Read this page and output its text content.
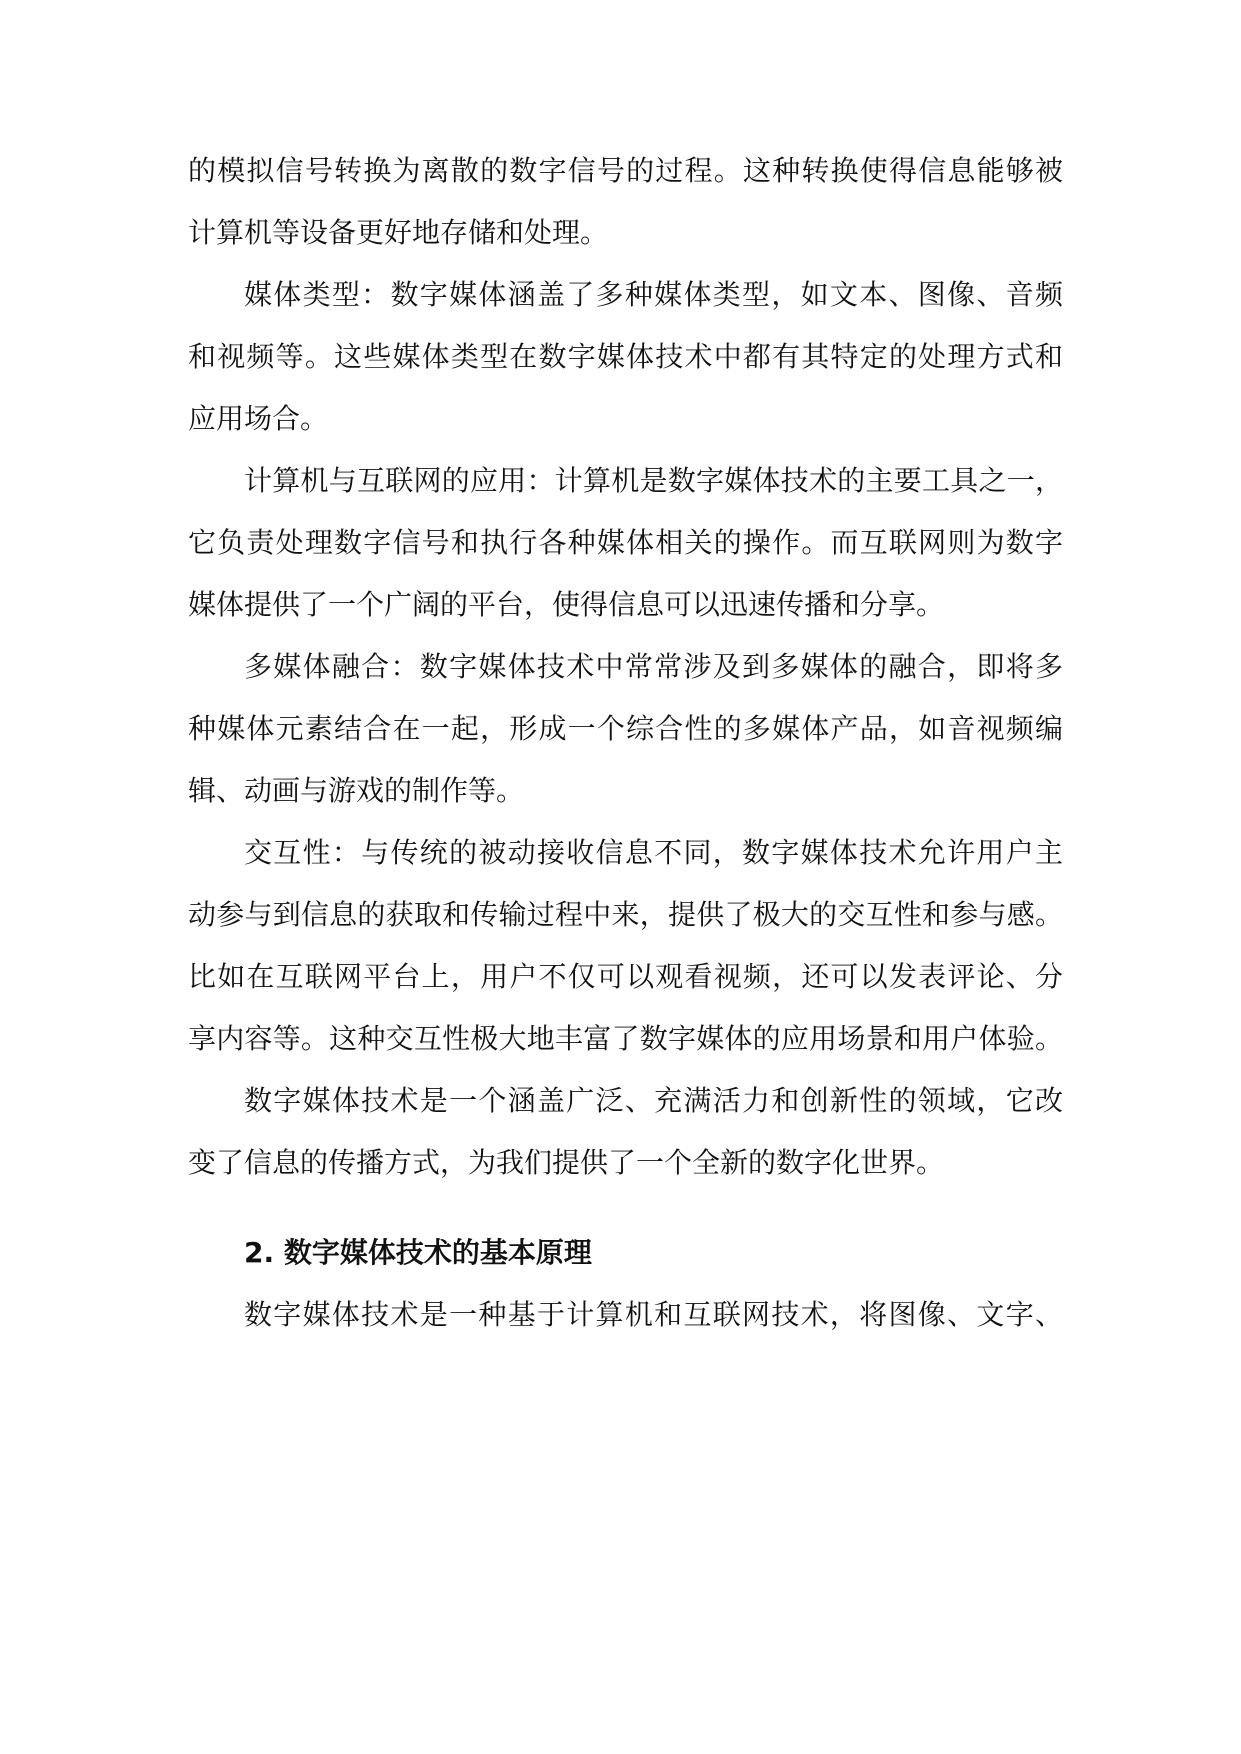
的模拟信号转换为离散的数字信号的过程。这种转换使得信息能够被
计算机等设备更好地存储和处理。
媒体类型：数字媒体涵盖了多种媒体类型，如文本、图像、音频
和视频等。这些媒体类型在数字媒体技术中都有其特定的处理方式和
应用场合。
计算机与互联网的应用：计算机是数字媒体技术的主要工具之一，
它负责处理数字信号和执行各种媒体相关的操作。而互联网则为数字
媒体提供了一个广阔的平台，使得信息可以迅速传播和分享。
多媒体融合：数字媒体技术中常常涉及到多媒体的融合，即将多
种媒体元素结合在一起，形成一个综合性的多媒体产品，如音视频编
辑、动画与游戏的制作等。
交互性：与传统的被动接收信息不同，数字媒体技术允许用户主
动参与到信息的获取和传输过程中来，提供了极大的交互性和参与感。
比如在互联网平台上，用户不仅可以观看视频，还可以发表评论、分
享内容等。这种交互性极大地丰富了数字媒体的应用场景和用户体验。
数字媒体技术是一个涵盖广泛、充满活力和创新性的领域，它改
变了信息的传播方式，为我们提供了一个全新的数字化世界。
2. 数字媒体技术的基本原理
数字媒体技术是一种基于计算机和互联网技术，将图像、文字、
